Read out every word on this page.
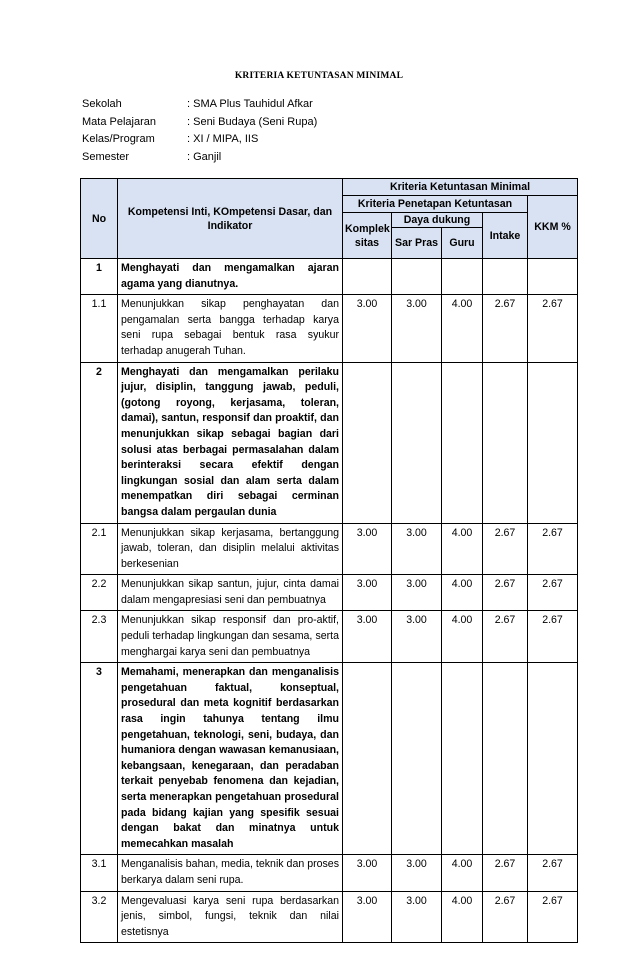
KRITERIA KETUNTASAN MINIMAL
Sekolah	: SMA Plus Tauhidul Afkar
Mata Pelajaran	: Seni Budaya (Seni Rupa)
Kelas/Program	: XI / MIPA, IIS
Semester	: Ganjil
No	Kompetensi Inti, KOmpetensi Dasar, dan Indikator	Kriteria Ketuntasan Minimal				
		Kriteria Penetapan Ketuntasan				KKM %
		Komplek sitas	Daya dukung		Intake	
			Sar Pras	Guru		
1	Menghayati dan mengamalkan ajaran agama yang dianutnya.					
1.1	Menunjukkan sikap penghayatan dan pengamalan serta bangga terhadap karya seni rupa sebagai bentuk rasa syukur terhadap anugerah Tuhan.	3.00	3.00	4.00	2.67	2.67
2	Menghayati dan mengamalkan perilaku jujur, disiplin, tanggung jawab, peduli, (gotong royong, kerjasama, toleran, damai), santun, responsif dan proaktif, dan menunjukkan sikap sebagai bagian dari solusi atas berbagai permasalahan dalam berinteraksi secara efektif dengan lingkungan sosial dan alam serta dalam menempatkan diri sebagai cerminan bangsa dalam pergaulan dunia					
2.1	Menunjukkan sikap kerjasama, bertanggung jawab, toleran, dan disiplin melalui aktivitas berkesenian	3.00	3.00	4.00	2.67	2.67
2.2	Menunjukkan sikap santun, jujur, cinta damai dalam mengapresiasi seni dan pembuatnya	3.00	3.00	4.00	2.67	2.67
2.3	Menunjukkan sikap responsif dan pro-aktif, peduli terhadap lingkungan dan sesama, serta menghargai karya seni dan pembuatnya	3.00	3.00	4.00	2.67	2.67
3	Memahami, menerapkan dan menganalisis pengetahuan faktual, konseptual, prosedural dan meta kognitif berdasarkan rasa ingin tahunya tentang ilmu pengetahuan, teknologi, seni, budaya, dan humaniora dengan wawasan kemanusiaan, kebangsaan, kenegaraan, dan peradaban terkait penyebab fenomena dan kejadian, serta menerapkan pengetahuan prosedural pada bidang kajian yang spesifik sesuai dengan bakat dan minatnya untuk memecahkan masalah					
3.1	Menganalisis bahan, media, teknik dan proses berkarya dalam seni rupa.	3.00	3.00	4.00	2.67	2.67
3.2	Mengevaluasi karya seni rupa berdasarkan jenis, simbol, fungsi, teknik dan nilai estetisnya	3.00	3.00	4.00	2.67	2.67
